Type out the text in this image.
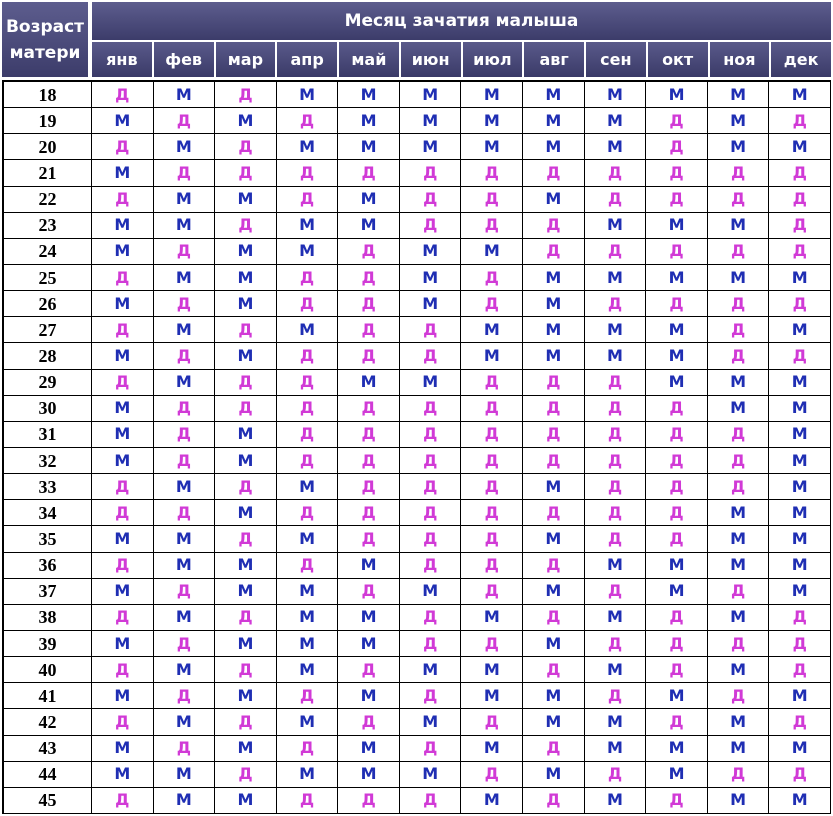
Возраст
матери
Месяц зачатия малыша
янв	фев	мар	апр	май	июн	июл	авг	сен	окт	ноя	дек
18	Д	М	Д	М	М	М	М	М	М	М	М	М
19	М	Д	М	Д	М	М	М	М	М	Д	М	Д
20	Д	М	Д	М	М	М	М	М	М	Д	М	М
21	М	Д	Д	Д	Д	Д	Д	Д	Д	Д	Д	Д
22	Д	М	М	Д	М	Д	Д	М	Д	Д	Д	Д
23	М	М	Д	М	М	Д	Д	Д	М	М	М	Д
24	М	Д	М	М	Д	М	М	Д	Д	Д	Д	Д
25	Д	М	М	Д	Д	М	Д	М	М	М	М	М
26	М	Д	М	Д	Д	М	Д	М	Д	Д	Д	Д
27	Д	М	Д	М	Д	Д	М	М	М	М	Д	М
28	М	Д	М	Д	Д	Д	М	М	М	М	Д	Д
29	Д	М	Д	Д	М	М	Д	Д	Д	М	М	М
30	М	Д	Д	Д	Д	Д	Д	Д	Д	Д	М	М
31	М	Д	М	Д	Д	Д	Д	Д	Д	Д	Д	М
32	М	Д	М	Д	Д	Д	Д	Д	Д	Д	Д	М
33	Д	М	Д	М	Д	Д	Д	М	Д	Д	Д	М
34	Д	Д	М	Д	Д	Д	Д	Д	Д	Д	М	М
35	М	М	Д	М	Д	Д	Д	М	Д	Д	М	М
36	Д	М	М	Д	М	Д	Д	Д	М	М	М	М
37	М	Д	М	М	Д	М	Д	М	Д	М	Д	М
38	Д	М	Д	М	М	Д	М	Д	М	Д	М	Д
39	М	Д	М	М	М	Д	Д	М	Д	Д	Д	Д
40	Д	М	Д	М	Д	М	М	Д	М	Д	М	Д
41	М	Д	М	Д	М	Д	М	М	Д	М	Д	М
42	Д	М	Д	М	Д	М	Д	М	М	Д	М	Д
43	М	Д	М	Д	М	Д	М	Д	М	М	М	М
44	М	М	Д	М	М	М	Д	М	Д	М	Д	Д
45	Д	М	М	Д	Д	Д	М	Д	М	Д	М	М
